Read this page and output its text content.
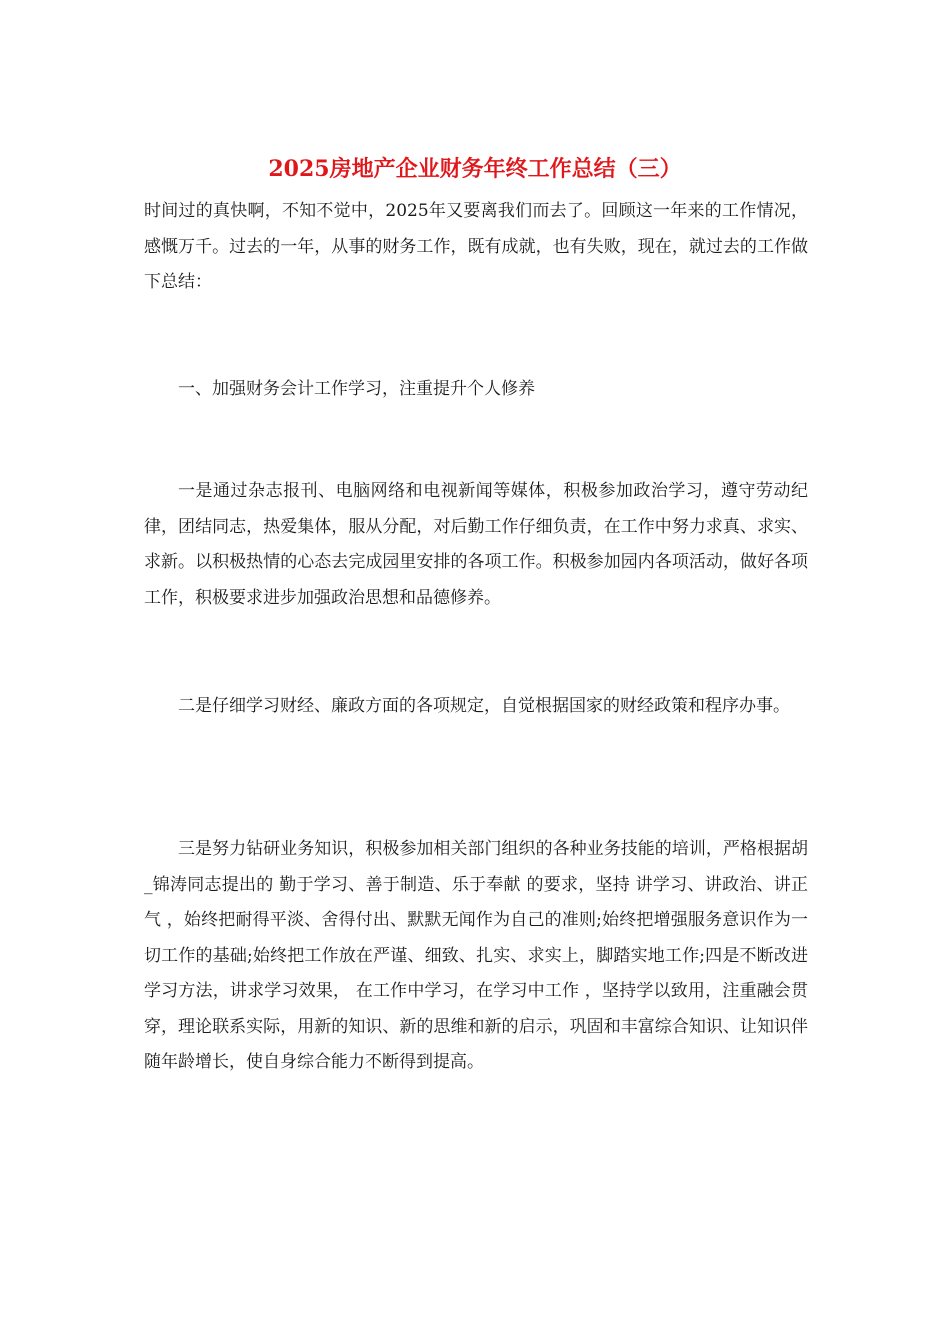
2025房地产企业财务年终工作总结（三）

时间过的真快啊，不知不觉中，2025年又要离我们而去了。回顾这一年来的工作情况，感慨万千。过去的一年，从事的财务工作，既有成就，也有失败，现在，就过去的工作做下总结：

一、加强财务会计工作学习，注重提升个人修养

一是通过杂志报刊、电脑网络和电视新闻等媒体，积极参加政治学习，遵守劳动纪律，团结同志，热爱集体，服从分配，对后勤工作仔细负责，在工作中努力求真、求实、求新。以积极热情的心态去完成园里安排的各项工作。积极参加园内各项活动，做好各项工作，积极要求进步加强政治思想和品德修养。

二是仔细学习财经、廉政方面的各项规定，自觉根据国家的财经政策和程序办事。

三是努力钻研业务知识，积极参加相关部门组织的各种业务技能的培训，严格根据胡_锦涛同志提出的 勤于学习、善于制造、乐于奉献 的要求，坚持 讲学习、讲政治、讲正气 ，始终把耐得平淡、舍得付出、默默无闻作为自己的准则;始终把增强服务意识作为一切工作的基础;始终把工作放在严谨、细致、扎实、求实上，脚踏实地工作;四是不断改进学习方法，讲求学习效果， 在工作中学习，在学习中工作 ，坚持学以致用，注重融会贯穿，理论联系实际，用新的知识、新的思维和新的启示，巩固和丰富综合知识、让知识伴随年龄增长，使自身综合能力不断得到提高。
